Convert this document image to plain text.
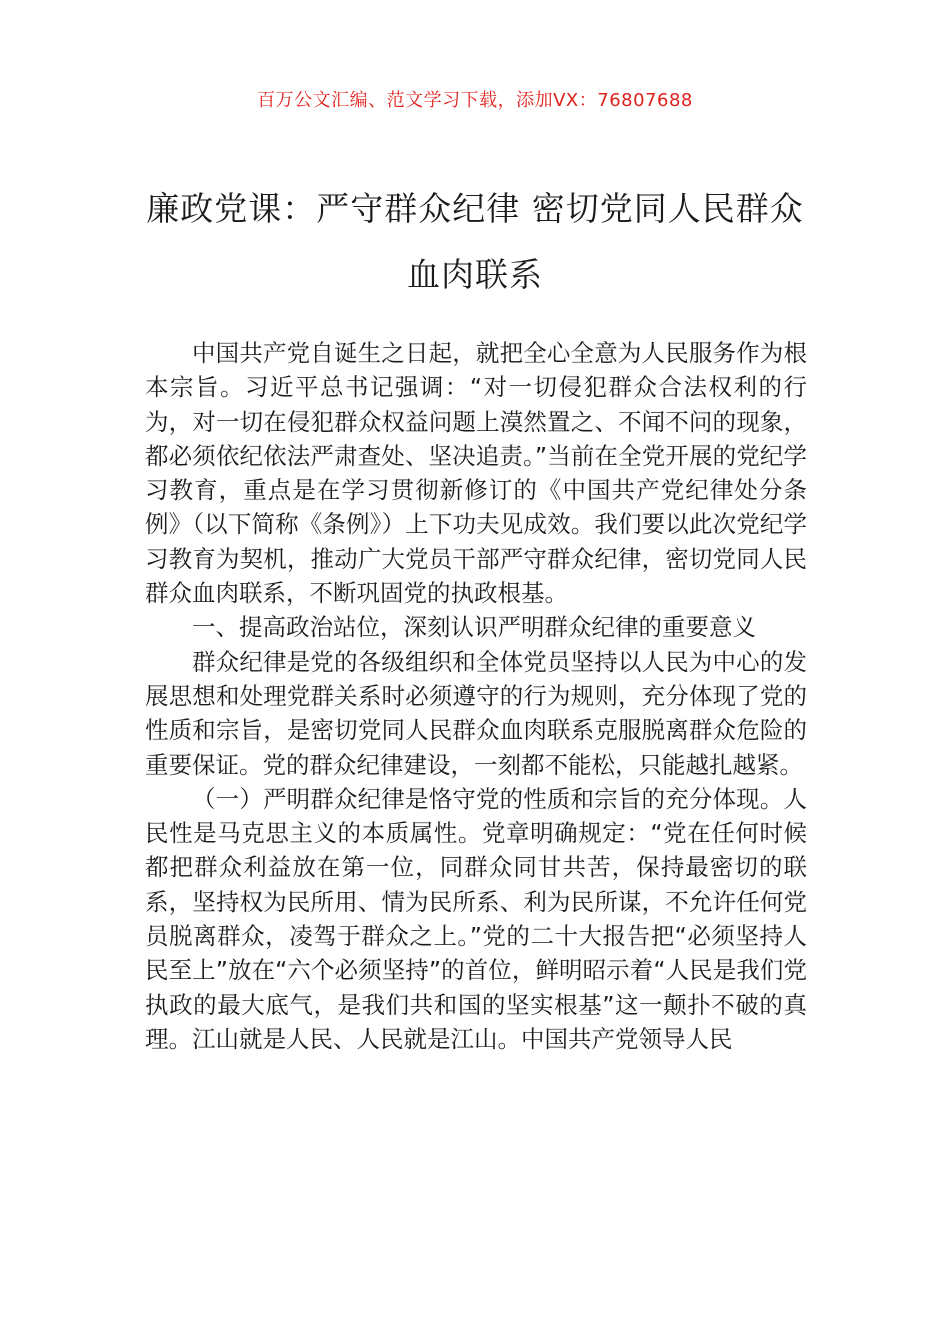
百万公文汇编、范文学习下载，添加VX：76807688
廉政党课：严守群众纪律 密切党同人民群众血肉联系

中国共产党自诞生之日起，就把全心全意为人民服务作为根本宗旨。习近平总书记强调：“对一切侵犯群众合法权利的行为，对一切在侵犯群众权益问题上漠然置之、不闻不问的现象，都必须依纪依法严肃查处、坚决追责。”当前在全党开展的党纪学习教育，重点是在学习贯彻新修订的《中国共产党纪律处分条例》（以下简称《条例》）上下功夫见成效。我们要以此次党纪学习教育为契机，推动广大党员干部严守群众纪律，密切党同人民群众血肉联系，不断巩固党的执政根基。

一、提高政治站位，深刻认识严明群众纪律的重要意义

群众纪律是党的各级组织和全体党员坚持以人民为中心的发展思想和处理党群关系时必须遵守的行为规则，充分体现了党的性质和宗旨，是密切党同人民群众血肉联系克服脱离群众危险的重要保证。党的群众纪律建设，一刻都不能松，只能越扎越紧。

（一）严明群众纪律是恪守党的性质和宗旨的充分体现。人民性是马克思主义的本质属性。党章明确规定：“党在任何时候都把群众利益放在第一位，同群众同甘共苦，保持最密切的联系，坚持权为民所用、情为民所系、利为民所谋，不允许任何党员脱离群众，凌驾于群众之上。”党的二十大报告把“必须坚持人民至上”放在“六个必须坚持”的首位，鲜明昭示着“人民是我们党执政的最大底气，是我们共和国的坚实根基”这一颠扑不破的真理。江山就是人民、人民就是江山。中国共产党领导人民
